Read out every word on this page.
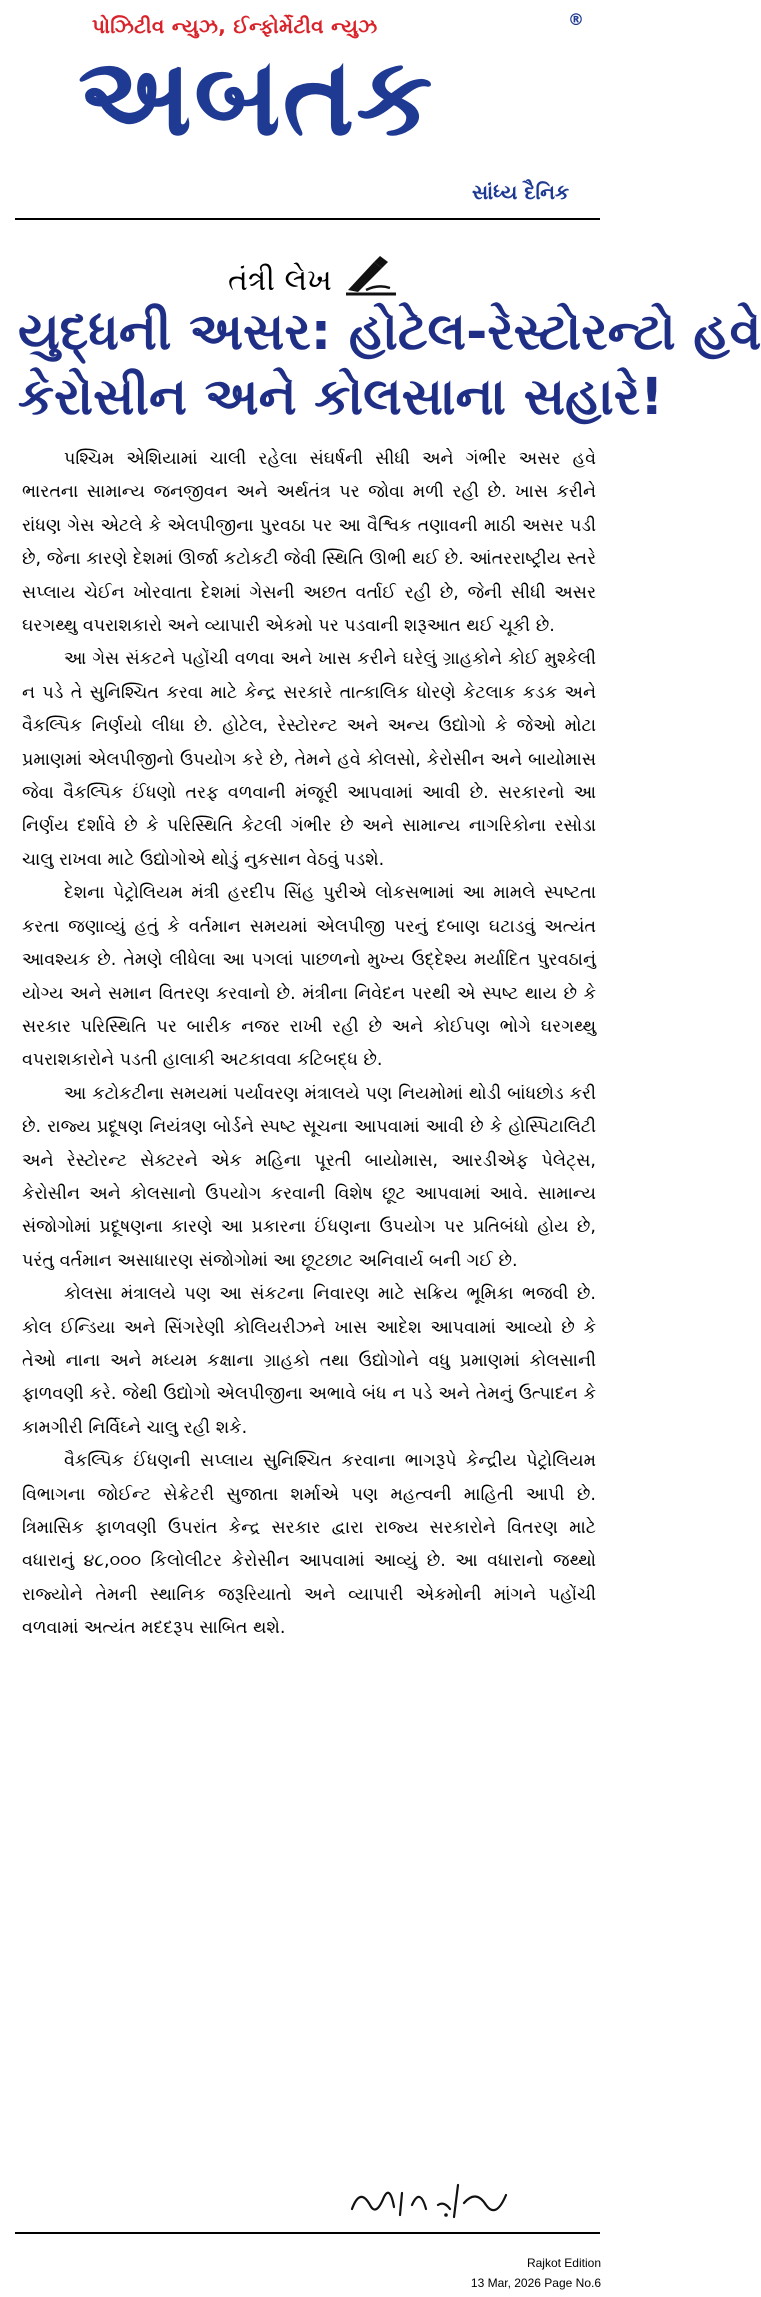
પોઝિટીવ ન્યુઝ, ઈન્ફોર્મેટીવ ન્યુઝ
અબતક
®
સાંધ્ય દૈનિક
તંત્રી લેખ
યુદ્ધની અસર: હોટેલ-રેસ્ટોરન્ટો હવે
કેરોસીન અને કોલસાના સહારે!

પશ્ચિમ એશિયામાં ચાલી રહેલા સંઘર્ષની સીધી અને ગંભીર અસર હવે ભારતના સામાન્ય જનજીવન અને અર્થતંત્ર પર જોવા મળી રહી છે. ખાસ કરીને રાંધણ ગેસ એટલે કે એલપીજીના પુરવઠા પર આ વૈશ્વિક તણાવની માઠી અસર પડી છે, જેના કારણે દેશમાં ઊર્જા કટોકટી જેવી સ્થિતિ ઊભી થઈ છે. આંતરરાષ્ટ્રીય સ્તરે સપ્લાય ચેઈન ખોરવાતા દેશમાં ગેસની અછત વર્તાઈ રહી છે, જેની સીધી અસર ઘરગથ્થુ વપરાશકારો અને વ્યાપારી એકમો પર પડવાની શરૂઆત થઈ ચૂકી છે.

આ ગેસ સંકટને પહોંચી વળવા અને ખાસ કરીને ઘરેલું ગ્રાહકોને કોઈ મુશ્કેલી ન પડે તે સુનિશ્ચિત કરવા માટે કેન્દ્ર સરકારે તાત્કાલિક ધોરણે કેટલાક કડક અને વૈકલ્પિક નિર્ણયો લીધા છે. હોટેલ, રેસ્ટોરન્ટ અને અન્ય ઉદ્યોગો કે જેઓ મોટા પ્રમાણમાં એલપીજીનો ઉપયોગ કરે છે, તેમને હવે કોલસો, કેરોસીન અને બાયોમાસ જેવા વૈકલ્પિક ઈંધણો તરફ વળવાની મંજૂરી આપવામાં આવી છે. સરકારનો આ નિર્ણય દર્શાવે છે કે પરિસ્થિતિ કેટલી ગંભીર છે અને સામાન્ય નાગરિકોના રસોડા ચાલુ રાખવા માટે ઉદ્યોગોએ થોડું નુકસાન વેઠવું પડશે.

દેશના પેટ્રોલિયમ મંત્રી હરદીપ સિંહ પુરીએ લોકસભામાં આ મામલે સ્પષ્ટતા કરતા જણાવ્યું હતું કે વર્તમાન સમયમાં એલપીજી પરનું દબાણ ઘટાડવું અત્યંત આવશ્યક છે. તેમણે લીધેલા આ પગલાં પાછળનો મુખ્ય ઉદ્દેશ્ય મર્યાદિત પુરવઠાનું યોગ્ય અને સમાન વિતરણ કરવાનો છે. મંત્રીના નિવેદન પરથી એ સ્પષ્ટ થાય છે કે સરકાર પરિસ્થિતિ પર બારીક નજર રાખી રહી છે અને કોઈપણ ભોગે ઘરગથ્થુ વપરાશકારોને પડતી હાલાકી અટકાવવા કટિબદ્ધ છે.

આ કટોકટીના સમયમાં પર્યાવરણ મંત્રાલયે પણ નિયમોમાં થોડી બાંધછોડ કરી છે. રાજ્ય પ્રદૂષણ નિયંત્રણ બોર્ડને સ્પષ્ટ સૂચના આપવામાં આવી છે કે હોસ્પિટાલિટી અને રેસ્ટોરન્ટ સેક્ટરને એક મહિના પૂરતી બાયોમાસ, આરડીએફ પેલેટ્સ, કેરોસીન અને કોલસાનો ઉપયોગ કરવાની વિશેષ છૂટ આપવામાં આવે. સામાન્ય સંજોગોમાં પ્રદૂષણના કારણે આ પ્રકારના ઈંધણના ઉપયોગ પર પ્રતિબંધો હોય છે, પરંતુ વર્તમાન અસાધારણ સંજોગોમાં આ છૂટછાટ અનિવાર્ય બની ગઈ છે.

કોલસા મંત્રાલયે પણ આ સંકટના નિવારણ માટે સક્રિય ભૂમિકા ભજવી છે. કોલ ઈન્ડિયા અને સિંગરેણી કોલિયરીઝને ખાસ આદેશ આપવામાં આવ્યો છે કે તેઓ નાના અને મધ્યમ કક્ષાના ગ્રાહકો તથા ઉદ્યોગોને વધુ પ્રમાણમાં કોલસાની ફાળવણી કરે. જેથી ઉદ્યોગો એલપીજીના અભાવે બંધ ન પડે અને તેમનું ઉત્પાદન કે કામગીરી નિર્વિઘ્ને ચાલુ રહી શકે.

વૈકલ્પિક ઈંધણની સપ્લાય સુનિશ્ચિત કરવાના ભાગરૂપે કેન્દ્રીય પેટ્રોલિયમ વિભાગના જોઈન્ટ સેક્રેટરી સુજાતા શર્માએ પણ મહત્વની માહિતી આપી છે. ત્રિમાસિક ફાળવણી ઉપરાંત કેન્દ્ર સરકાર દ્વારા રાજ્ય સરકારોને વિતરણ માટે વધારાનું ૪૮,૦૦૦ કિલોલીટર કેરોસીન આપવામાં આવ્યું છે. આ વધારાનો જથ્થો રાજ્યોને તેમની સ્થાનિક જરૂરિયાતો અને વ્યાપારી એકમોની માંગને પહોંચી વળવામાં અત્યંત મદદરૂપ સાબિત થશે.

Rajkot Edition
13 Mar, 2026 Page No.6
